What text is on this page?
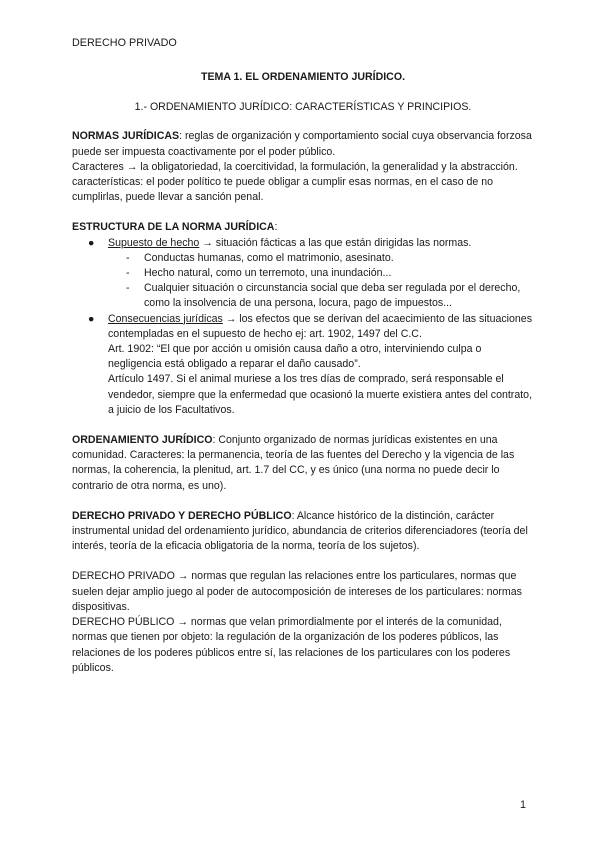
DERECHO PRIVADO

TEMA 1. EL ORDENAMIENTO JURÍDICO.

1.- ORDENAMIENTO JURÍDICO: CARACTERÍSTICAS Y PRINCIPIOS.

NORMAS JURÍDICAS: reglas de organización y comportamiento social cuya observancia forzosa puede ser impuesta coactivamente por el poder público.

Caracteres → la obligatoriedad, la coercitividad, la formulación, la generalidad y la abstracción.

características: el poder político te puede obligar a cumplir esas normas, en el caso de no cumplirlas, puede llevar a sanción penal.

ESTRUCTURA DE LA NORMA JURÍDICA:

● Supuesto de hecho → situación fácticas a las que están dirigidas las normas.
- Conductas humanas, como el matrimonio, asesinato.
- Hecho natural, como un terremoto, una inundación...
- Cualquier situación o circunstancia social que deba ser regulada por el derecho, como la insolvencia de una persona, locura, pago de impuestos...
● Consecuencias jurídicas → los efectos que se derivan del acaecimiento de las situaciones contempladas en el supuesto de hecho ej: art. 1902, 1497 del C.C.

Art. 1902: “El que por acción u omisión causa daño a otro, interviniendo culpa o negligencia está obligado a reparar el daño causado”.

Artículo 1497. Si el animal muriese a los tres días de comprado, será responsable el vendedor, siempre que la enfermedad que ocasionó la muerte existiera antes del contrato, a juicio de los Facultativos.

ORDENAMIENTO JURÍDICO: Conjunto organizado de normas jurídicas existentes en una comunidad. Caracteres: la permanencia, teoría de las fuentes del Derecho y la vigencia de las normas, la coherencia, la plenitud, art. 1.7 del CC, y es único (una norma no puede decir lo contrario de otra norma, es uno).

DERECHO PRIVADO Y DERECHO PÚBLICO: Alcance histórico de la distinción, carácter instrumental unidad del ordenamiento jurídico, abundancia de criterios diferenciadores (teoría del interés, teoría de la eficacia obligatoria de la norma, teoría de los sujetos).

DERECHO PRIVADO → normas que regulan las relaciones entre los particulares, normas que suelen dejar amplio juego al poder de autocomposición de intereses de los particulares: normas dispositivas.

DERECHO PÚBLICO → normas que velan primordialmente por el interés de la comunidad, normas que tienen por objeto: la regulación de la organización de los poderes públicos, las relaciones de los poderes públicos entre sí, las relaciones de los particulares con los poderes públicos.

1
